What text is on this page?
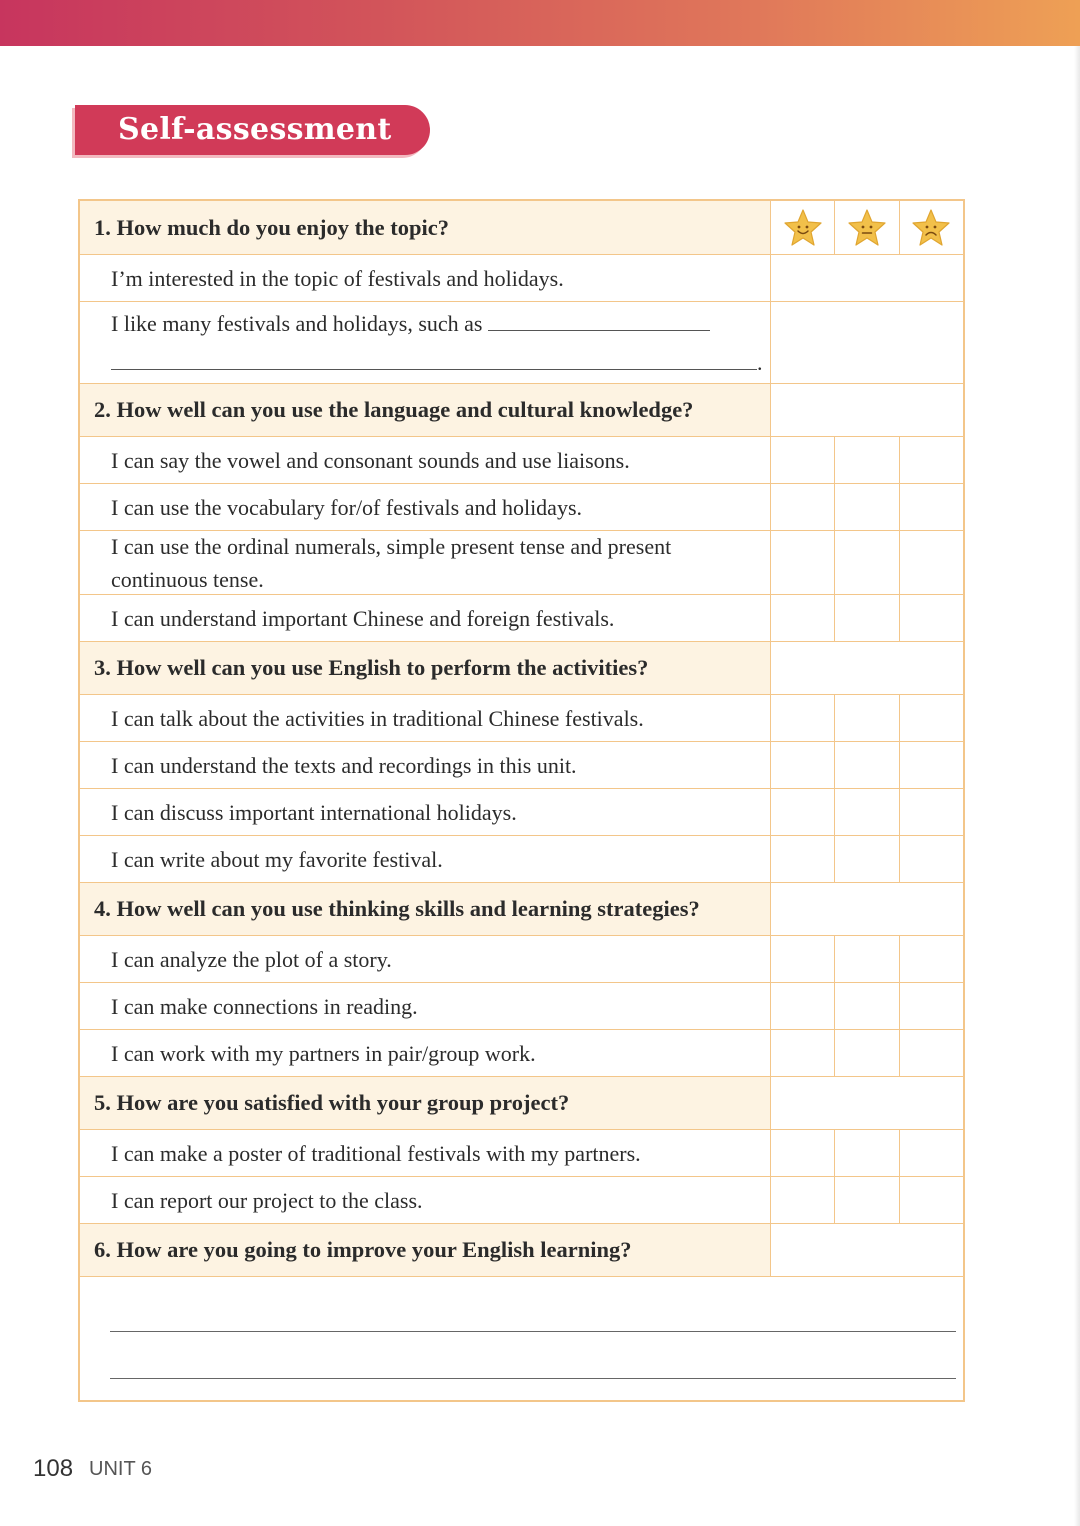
Self-assessment
1. How much do you enjoy the topic?
I’m interested in the topic of festivals and holidays.
I like many festivals and holidays, such as
.
2. How well can you use the language and cultural knowledge?
I can say the vowel and consonant sounds and use liaisons.
I can use the vocabulary for/of festivals and holidays.
I can use the ordinal numerals, simple present tense and present continuous tense.
I can understand important Chinese and foreign festivals.
3. How well can you use English to perform the activities?
I can talk about the activities in traditional Chinese festivals.
I can understand the texts and recordings in this unit.
I can discuss important international holidays.
I can write about my favorite festival.
4. How well can you use thinking skills and learning strategies?
I can analyze the plot of a story.
I can make connections in reading.
I can work with my partners in pair/group work.
5. How are you satisfied with your group project?
I can make a poster of traditional festivals with my partners.
I can report our project to the class.
6. How are you going to improve your English learning?
108 UNIT 6
